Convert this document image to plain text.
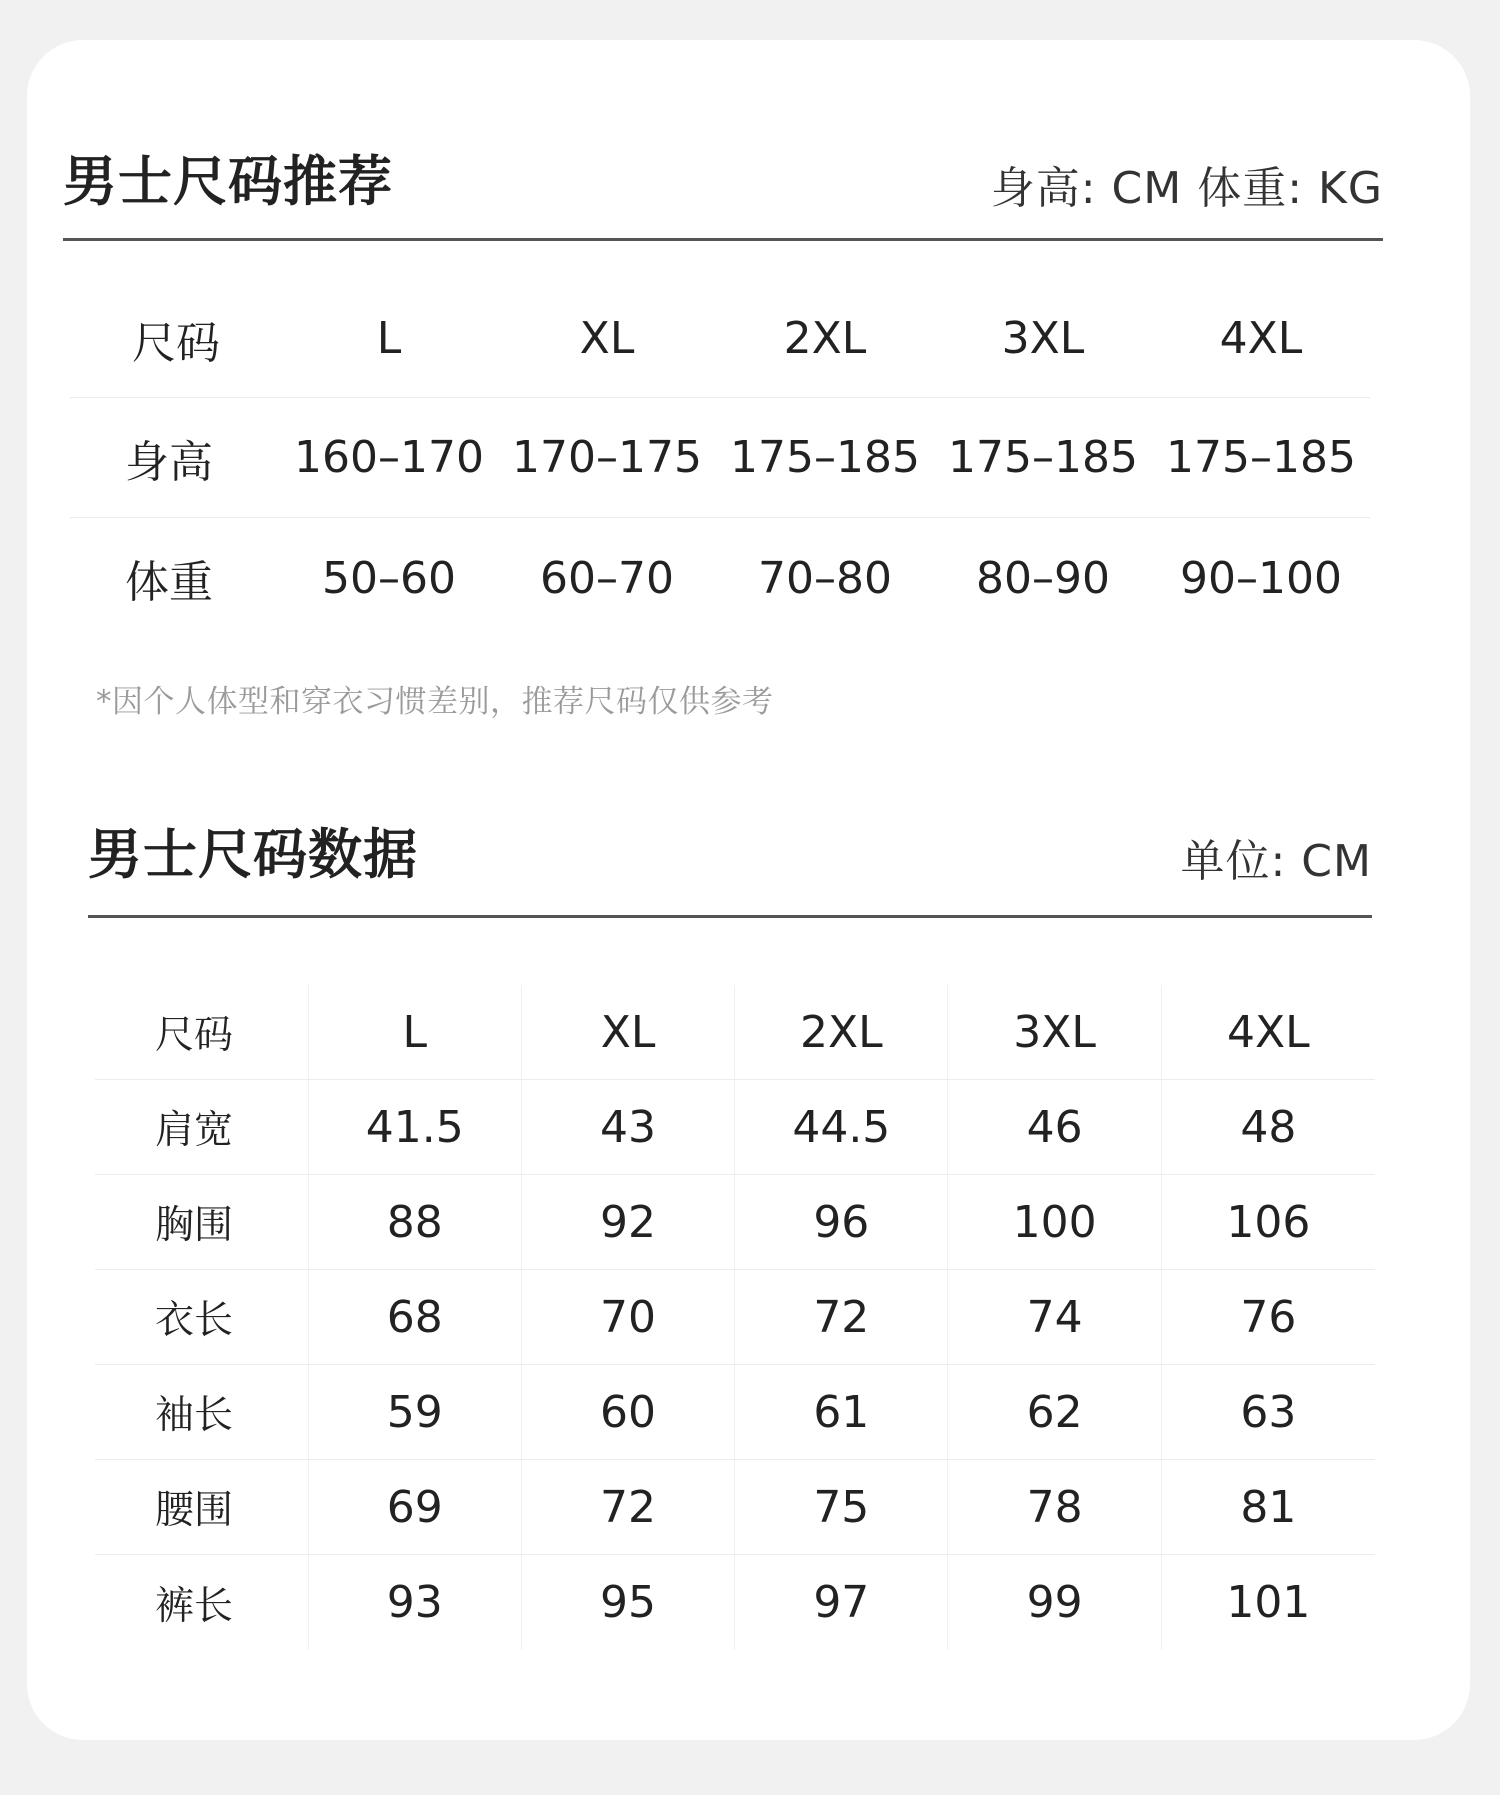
男士尺码推荐	身高: CM 体重: KG
尺码	L	XL	2XL	3XL	4XL
身高	160–170 170–175 175–185 175–185 175–185
体重	50–60	60–70	70–80	80–90	90–100
*因个人体型和穿衣习惯差别，推荐尺码仅供参考
男士尺码数据	单位: CM
尺码	L	XL	2XL	3XL	4XL
肩宽	41.5	43	44.5	46	48
胸围	88	92	96	100	106
衣长	68	70	72	74	76
袖长	59	60	61	62	63
腰围	69	72	75	78	81
裤长	93	95	97	99	101
